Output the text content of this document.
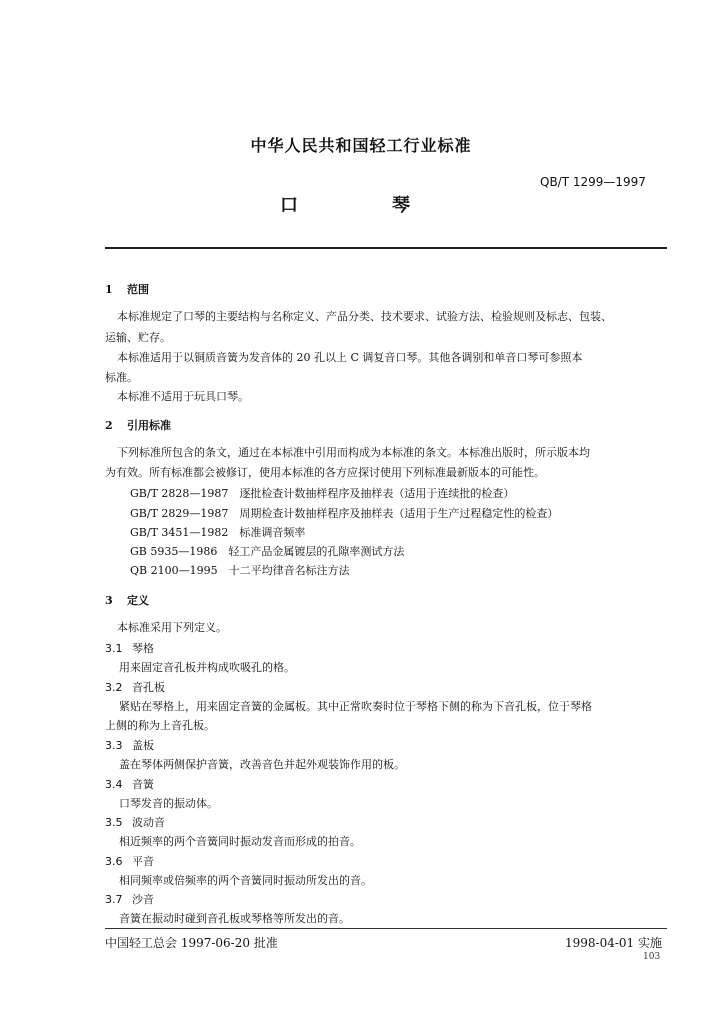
中华人民共和国轻工行业标准
QB/T 1299—1997
口　琴
1 范围
本标准规定了口琴的主要结构与名称定义、产品分类、技术要求、试验方法、检验规则及标志、包装、
运输、贮存。
本标准适用于以铜质音簧为发音体的 20 孔以上 C 调复音口琴。其他各调别和单音口琴可参照本
标准。
本标准不适用于玩具口琴。
2 引用标准
下列标准所包含的条文，通过在本标准中引用而构成为本标准的条文。本标准出版时，所示版本均
为有效。所有标准都会被修订，使用本标准的各方应探讨使用下列标准最新版本的可能性。
GB/T 2828—1987　逐批检查计数抽样程序及抽样表（适用于连续批的检查）
GB/T 2829—1987　周期检查计数抽样程序及抽样表（适用于生产过程稳定性的检查）
GB/T 3451—1982　标准调音频率
GB 5935—1986　轻工产品金属镀层的孔隙率测试方法
QB 2100—1995　十二平均律音名标注方法
3 定义
本标准采用下列定义。
3.1 琴格
用来固定音孔板并构成吹吸孔的格。
3.2 音孔板
紧贴在琴格上，用来固定音簧的金属板。其中正常吹奏时位于琴格下侧的称为下音孔板，位于琴格
上侧的称为上音孔板。
3.3 盖板
盖在琴体两侧保护音簧，改善音色并起外观装饰作用的板。
3.4 音簧
口琴发音的振动体。
3.5 波动音
相近频率的两个音簧同时振动发音而形成的拍音。
3.6 平音
相同频率或倍频率的两个音簧同时振动所发出的音。
3.7 沙音
音簧在振动时碰到音孔板或琴格等所发出的音。
中国轻工总会 1997-06-20 批准	1998-04-01 实施
103
